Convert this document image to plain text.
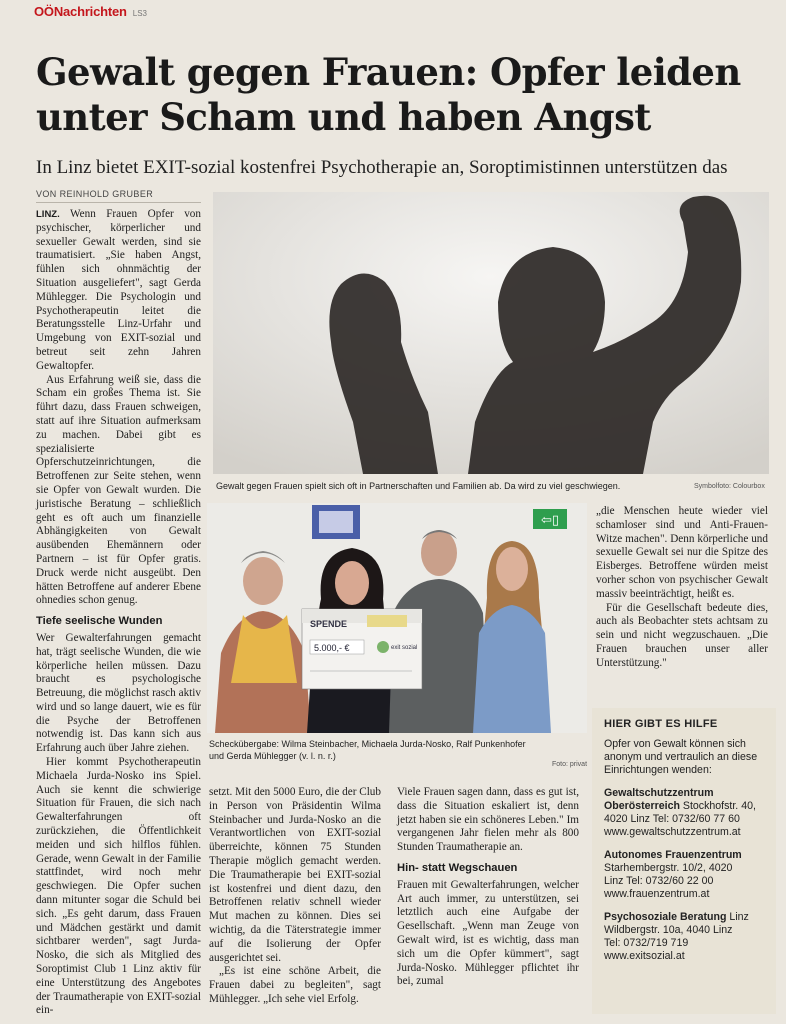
OÖNachrichten LS3
Gewalt gegen Frauen: Opfer leiden unter Scham und haben Angst
In Linz bietet EXIT-sozial kostenfrei Psychotherapie an, Soroptimistinnen unterstützen das
VON REINHOLD GRUBER

LINZ. Wenn Frauen Opfer von psychischer, körperlicher und sexueller Gewalt werden, sind sie traumatisiert. „Sie haben Angst, fühlen sich ohnmächtig der Situation ausgeliefert", sagt Gerda Mühlegger. Die Psychologin und Psychotherapeutin leitet die Beratungsstelle Linz-Urfahr und Umgebung von EXIT-sozial und betreut seit zehn Jahren Gewaltopfer.

Aus Erfahrung weiß sie, dass die Scham ein großes Thema ist. Sie führt dazu, dass Frauen schweigen, statt auf ihre Situation aufmerksam zu machen. Dabei gibt es spezialisierte Opferschutzeinrichtungen, die Betroffenen zur Seite stehen, wenn sie Opfer von Gewalt wurden. Die juristische Beratung – schließlich geht es oft auch um finanzielle Abhängigkeiten von Gewalt ausübenden Ehemännern oder Partnern – ist für Opfer gratis. Druck werde nicht ausgeübt. Den hätten Betroffene auf anderer Ebene ohnedies schon genug.

Tiefe seelische Wunden

Wer Gewalterfahrungen gemacht hat, trägt seelische Wunden, die wie körperliche heilen müssen. Dazu braucht es psychologische Betreuung, die möglichst rasch aktiv wird und so lange dauert, wie es für die Psyche der Betroffenen notwendig ist. Das kann sich aus Erfahrung auch über Jahre ziehen.

Hier kommt Psychotherapeutin Michaela Jurda-Nosko ins Spiel. Auch sie kennt die schwierige Situation für Frauen, die sich nach Gewalterfahrungen oft zurückziehen, die Öffentlichkeit meiden und sich hilflos fühlen. Gerade, wenn Gewalt in der Familie stattfindet, wird noch mehr geschwiegen. Die Opfer suchen dann mitunter sogar die Schuld bei sich. „Es geht darum, dass Frauen und Mädchen gestärkt und damit sichtbarer werden", sagt Jurda-Nosko, die sich als Mitglied des Soroptimist Club 1 Linz aktiv für eine Unterstützung des Angebotes der Traumatherapie von EXIT-sozial ein-

Gewalt gegen Frauen spielt sich oft in Partnerschaften und Familien ab. Da wird zu viel geschwiegen.	Symbolfoto: Colourbox
⇦▯
SPENDE
5.000,- €	exit sozial
Scheckübergabe: Wilma Steinbacher, Michaela Jurda-Nosko, Ralf Punkenhofer und Gerda Mühlegger (v. l. n. r.)
Foto: privat

setzt. Mit den 5000 Euro, die der Club in Person von Präsidentin Wilma Steinbacher und Jurda-Nosko an die Verantwortlichen von EXIT-sozial überreichte, können 75 Stunden Therapie möglich gemacht werden. Die Traumatherapie bei EXIT-sozial ist kostenfrei und dient dazu, den Betroffenen relativ schnell wieder Mut machen zu können. Dies sei wichtig, da die Täterstrategie immer auf die Isolierung der Opfer ausgerichtet sei.

„Es ist eine schöne Arbeit, die Frauen dabei zu begleiten", sagt Mühlegger. „Ich sehe viel Erfolg.

Viele Frauen sagen dann, dass es gut ist, dass die Situation eskaliert ist, denn jetzt haben sie ein schöneres Leben." Im vergangenen Jahr fielen mehr als 800 Stunden Traumatherapie an.

Hin- statt Wegschauen

Frauen mit Gewalterfahrungen, welcher Art auch immer, zu unterstützen, sei letztlich auch eine Aufgabe der Gesellschaft. „Wenn man Zeuge von Gewalt wird, ist es wichtig, dass man sich um die Opfer kümmert", sagt Jurda-Nosko. Mühlegger pflichtet ihr bei, zumal

„die Menschen heute wieder viel schamloser sind und Anti-Frauen-Witze machen". Denn körperliche und sexuelle Gewalt sei nur die Spitze des Eisberges. Betroffene würden meist vorher schon von psychischer Gewalt massiv beeinträchtigt, heißt es.

Für die Gesellschaft bedeute dies, auch als Beobachter stets achtsam zu sein und nicht wegzuschauen. „Die Frauen brauchen unser aller Unterstützung."

HIER GIBT ES HILFE
Opfer von Gewalt können sich anonym und vertraulich an diese Einrichtungen wenden:
Gewaltschutzzentrum Oberösterreich Stockhofstr. 40,
4020 Linz Tel: 0732/60 77 60
www.gewaltschutzzentrum.at
Autonomes Frauenzentrum
Starhembergstr. 10/2, 4020
Linz Tel: 0732/60 22 00
www.frauenzentrum.at
Psychosoziale Beratung Linz
Wildbergstr. 10a, 4040 Linz
Tel: 0732/719 719
www.exitsozial.at
